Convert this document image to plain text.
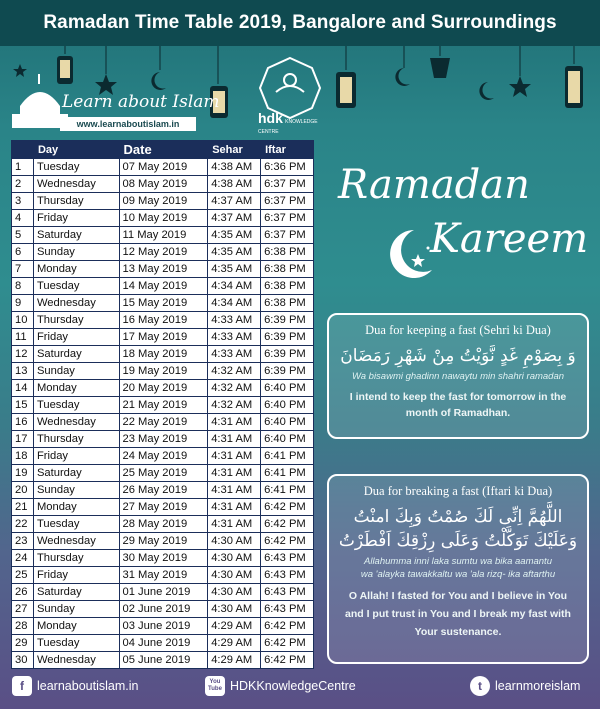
Ramadan Time Table 2019, Bangalore and Surroundings
Learn about Islam
www.learnaboutislam.in	hdk KNOWLEDGE CENTRE
	Day	Date	Sehar	Iftar
1	Tuesday	07 May 2019	4:38 AM	6:36 PM
2	Wednesday	08 May 2019	4:38 AM	6:37 PM
3	Thursday	09 May 2019	4:37 AM	6:37 PM
4	Friday	10 May 2019	4:37 AM	6:37 PM
5	Saturday	11 May 2019	4:35 AM	6:37 PM
6	Sunday	12 May 2019	4:35 AM	6:38 PM
7	Monday	13 May 2019	4:35 AM	6:38 PM
8	Tuesday	14 May 2019	4:34 AM	6:38 PM
9	Wednesday	15 May 2019	4:34 AM	6:38 PM
10	Thursday	16 May 2019	4:33 AM	6:39 PM
11	Friday	17 May 2019	4:33 AM	6:39 PM
12	Saturday	18 May 2019	4:33 AM	6:39 PM
13	Sunday	19 May 2019	4:32 AM	6:39 PM
14	Monday	20 May 2019	4:32 AM	6:40 PM
15	Tuesday	21 May 2019	4:32 AM	6:40 PM
16	Wednesday	22 May 2019	4:31 AM	6:40 PM
17	Thursday	23 May 2019	4:31 AM	6:40 PM
18	Friday	24 May 2019	4:31 AM	6:41 PM
19	Saturday	25 May 2019	4:31 AM	6:41 PM
20	Sunday	26 May 2019	4:31 AM	6:41 PM
21	Monday	27 May 2019	4:31 AM	6:42 PM
22	Tuesday	28 May 2019	4:31 AM	6:42 PM
23	Wednesday	29 May 2019	4:30 AM	6:42 PM
24	Thursday	30 May 2019	4:30 AM	6:43 PM
25	Friday	31 May 2019	4:30 AM	6:43 PM
26	Saturday	01 June 2019	4:30 AM	6:43 PM
27	Sunday	02 June 2019	4:30 AM	6:43 PM
28	Monday	03 June 2019	4:29 AM	6:42 PM
29	Tuesday	04 June 2019	4:29 AM	6:42 PM
30	Wednesday	05 June 2019	4:29 AM	6:42 PM
Ramadan
Kareem
Dua for keeping a fast (Sehri ki Dua)
وَ بِصَوْمِ غَدٍ نَّوَيْتُ مِنْ شَهْرِ رَمَضَانَ
Wa bisawmi ghadinn nawaytu min shahri ramadan
I intend to keep the fast for tomorrow in the month of Ramadhan.
Dua for breaking a fast (Iftari ki Dua)
اللَّهُمَّ اِنِّى لَكَ صُمْتُ وَبِكَ امنْتُ
وَعَلَيْكَ تَوَكَّلْتُ وَعَلَى رِزْقِكَ اَفْطَرْتُ
Allahumma inni laka sumtu wa bika aamantu
wa 'alayka tawakkaltu wa 'ala rizq- ika aftarthu
O Allah! I fasted for You and I believe in You and I put trust in You and I break my fast with Your sustenance.
f	learnaboutislam.in	You Tube HDKKnowledgeCentre	t	learnmoreislam
